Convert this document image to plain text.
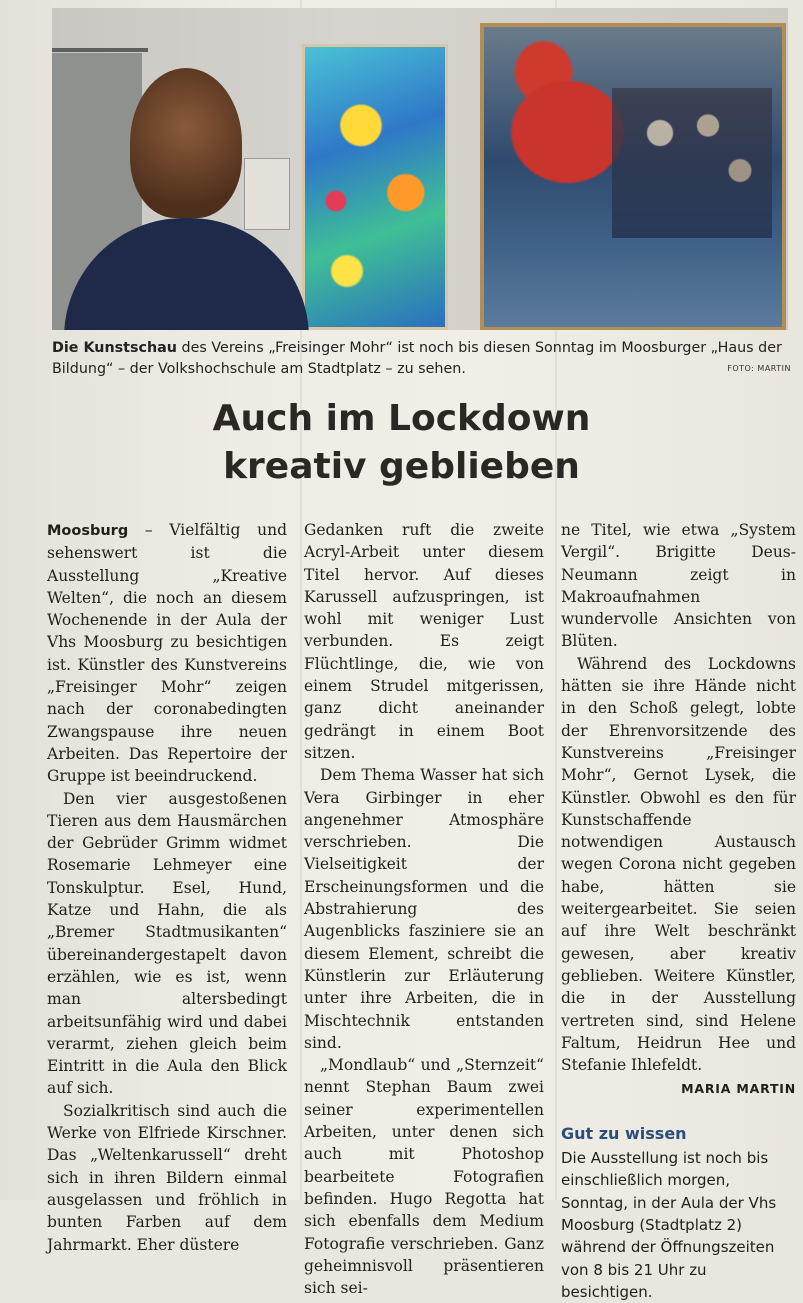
Die Kunstschau des Vereins „Freisinger Mohr“ ist noch bis diesen Sonntag im Moosburger „Haus der Bildung“ – der Volkshochschule am Stadtplatz – zu sehen.	FOTO: MARTIN
Auch im Lockdown
kreativ geblieben

Moosburg – Vielfältig und sehenswert ist die Ausstellung „Kreative Welten“, die noch an diesem Wochenende in der Aula der Vhs Moosburg zu besichtigen ist. Künstler des Kunstvereins „Freisinger Mohr“ zeigen nach der coronabedingten Zwangspause ihre neuen Arbeiten. Das Repertoire der Gruppe ist beeindruckend.

Den vier ausgestoßenen Tieren aus dem Hausmärchen der Gebrüder Grimm widmet Rosemarie Lehmeyer eine Tonskulptur. Esel, Hund, Katze und Hahn, die als „Bremer Stadtmusikanten“ übereinandergestapelt davon erzählen, wie es ist, wenn man altersbedingt arbeitsunfähig wird und dabei verarmt, ziehen gleich beim Eintritt in die Aula den Blick auf sich.

Sozialkritisch sind auch die Werke von Elfriede Kirschner. Das „Weltenkarussell“ dreht sich in ihren Bildern einmal ausgelassen und fröhlich in bunten Farben auf dem Jahrmarkt. Eher düstere

Gedanken ruft die zweite Acryl-Arbeit unter diesem Titel hervor. Auf dieses Karussell aufzuspringen, ist wohl mit weniger Lust verbunden. Es zeigt Flüchtlinge, die, wie von einem Strudel mitgerissen, ganz dicht aneinander gedrängt in einem Boot sitzen.

Dem Thema Wasser hat sich Vera Girbinger in eher angenehmer Atmosphäre verschrieben. Die Vielseitigkeit der Erscheinungsformen und die Abstrahierung des Augenblicks fasziniere sie an diesem Element, schreibt die Künstlerin zur Erläuterung unter ihre Arbeiten, die in Mischtechnik entstanden sind.

„Mondlaub“ und „Sternzeit“ nennt Stephan Baum zwei seiner experimentellen Arbeiten, unter denen sich auch mit Photoshop bearbeitete Fotografien befinden. Hugo Regotta hat sich ebenfalls dem Medium Fotografie verschrieben. Ganz geheimnisvoll präsentieren sich sei-

ne Titel, wie etwa „System Vergil“. Brigitte Deus-Neumann zeigt in Makroaufnahmen wundervolle Ansichten von Blüten.

Während des Lockdowns hätten sie ihre Hände nicht in den Schoß gelegt, lobte der Ehrenvorsitzende des Kunstvereins „Freisinger Mohr“, Gernot Lysek, die Künstler. Obwohl es den für Kunstschaffende notwendigen Austausch wegen Corona nicht gegeben habe, hätten sie weitergearbeitet. Sie seien auf ihre Welt beschränkt gewesen, aber kreativ geblieben. Weitere Künstler, die in der Ausstellung vertreten sind, sind Helene Faltum, Heidrun Hee und Stefanie Ihlefeldt.

MARIA MARTIN
Gut zu wissen
Die Ausstellung ist noch bis einschließlich morgen, Sonntag, in der Aula der Vhs Moosburg (Stadtplatz 2) während der Öffnungszeiten von 8 bis 21 Uhr zu besichtigen.
